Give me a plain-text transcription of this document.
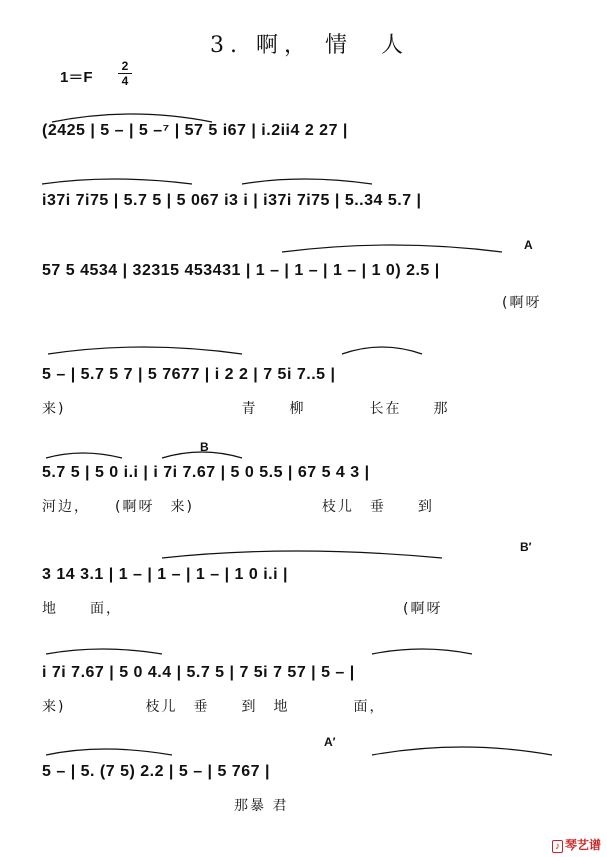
3. 啊， 情　人
1＝F
2
4
(2425 | 5 – | 5 –⁷ | 57 5 i67 | i.2ii4 2 27 |
i37i 7i75 | 5.7 5 | 5 067 i3 i | i37i 7i75 | 5..34 5.7 |
A
57 5 4534 | 32315 453431 | 1 – | 1 – | 1 – | 1 0) 2.5 |
(啊呀
5 – | 5.7 5 7 | 5 7677 | i 2 2 | 7 5i 7..5 |
来)　　　　　　　　　　　青　　柳　　　　长在　　那
B
5.7 5 | 5 0 i.i | i 7i 7.67 | 5 0 5.5 | 67 5 4 3 |
河边，　　(啊呀　来)　　　　　　　　枝儿　垂　　到
B′
3 14 3.1 | 1 – | 1 – | 1 – | 1 0 i.i |
地　　面，　　　　　　　　　　　　　　　　　　(啊呀
i 7i 7.67 | 5 0 4.4 | 5.7 5 | 7 5i 7 57 | 5 – |
来)　　　　　枝儿　垂　　到　地　　　　面，
A′
5 – | 5. (7 5) 2.2 | 5 – | 5 767 |
　　　　　　　　　　　　那暴 君
♪ 琴艺谱
